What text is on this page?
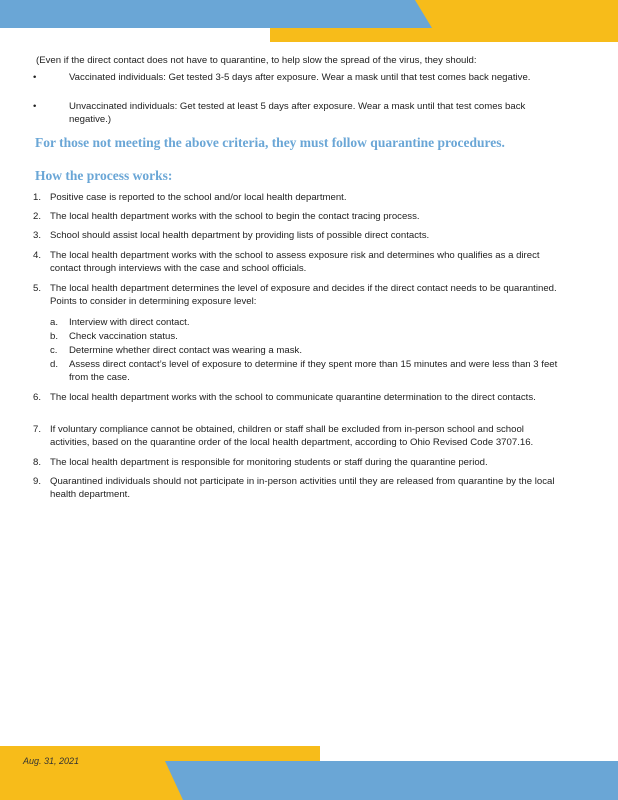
(Even if the direct contact does not have to quarantine, to help slow the spread of the virus, they should:
•	Vaccinated individuals: Get tested 3-5 days after exposure. Wear a mask until that test comes back negative.
•	Unvaccinated individuals: Get tested at least 5 days after exposure. Wear a mask until that test comes back negative.)
For those not meeting the above criteria, they must follow quarantine procedures.
How the process works:
1. Positive case is reported to the school and/or local health department.
2. The local health department works with the school to begin the contact tracing process.
3. School should assist local health department by providing lists of possible direct contacts.
4. The local health department works with the school to assess exposure risk and determines who qualifies as a direct contact through interviews with the case and school officials.
5. The local health department determines the level of exposure and decides if the direct contact needs to be quarantined. Points to consider in determining exposure level:
a. Interview with direct contact.
b. Check vaccination status.
c. Determine whether direct contact was wearing a mask.
d. Assess direct contact’s level of exposure to determine if they spent more than 15 minutes and were less than 3 feet from the case.
6. The local health department works with the school to communicate quarantine determination to the direct contacts.
7. If voluntary compliance cannot be obtained, children or staff shall be excluded from in-person school and school activities, based on the quarantine order of the local health department, according to Ohio Revised Code 3707.16.
8. The local health department is responsible for monitoring students or staff during the quarantine period.
9. Quarantined individuals should not participate in in-person activities until they are released from quarantine by the local health department.
Aug. 31, 2021
